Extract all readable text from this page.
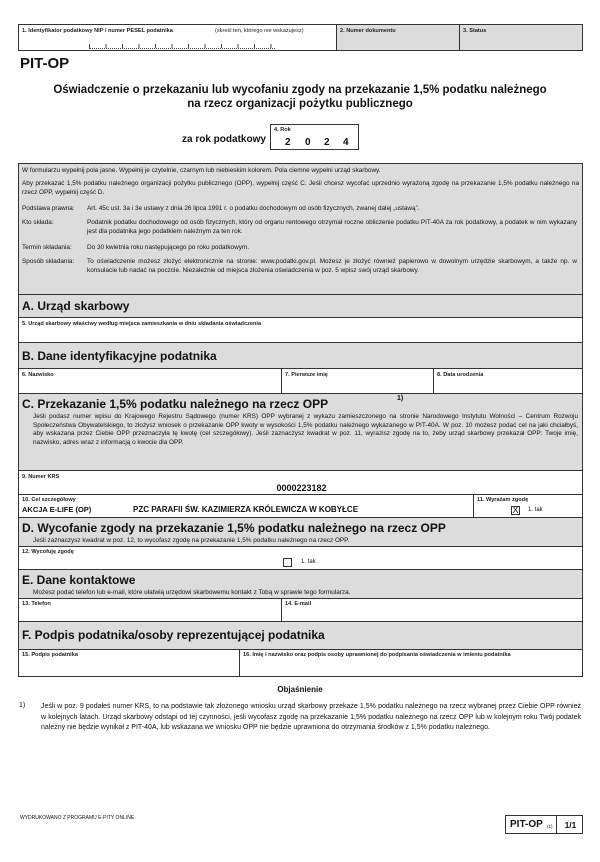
1. Identyfikator podatkowy NIP / numer PESEL podatnika	(skreśl ten, którego nie wskazujesz)	2. Numer dokumentu	3. Status
PIT-OP
Oświadczenie o przekazaniu lub wycofaniu zgody na przekazanie 1,5% podatku należnego
na rzecz organizacji pożytku publicznego
za rok podatkowy
4. Rok
2 0 2 4
W formularzu wypełnij pola jasne. Wypełnij je czytelnie, czarnym lub niebieskim kolorem. Pola ciemne wypełni urząd skarbowy.
Aby przekazać 1,5% podatku należnego organizacji pożytku publicznego (OPP), wypełnij część C. Jeśli chcesz wycofać uprzednio wyrażoną zgodę na przekazanie 1,5% podatku należnego na rzecz OPP, wypełnij część D.
Podstawa prawna: Art. 45c ust. 3a i 3e ustawy z dnia 26 lipca 1991 r. o podatku dochodowym od osób fizycznych, zwanej dalej „ustawą”.
Kto składa:	Podatnik podatku dochodowego od osób fizycznych, który od organu rentowego otrzymał roczne obliczenie podatku PIT-40A za rok podatkowy, a podatek w nim wykazany jest dla podatnika jego podatkiem należnym za ten rok.
Termin składania: Do 30 kwietnia roku następującego po roku podatkowym.
Sposób składania: To oświadczenie możesz złożyć elektronicznie na stronie: www.podatki.gov.pl. Możesz je złożyć również papierowo w dowolnym urzędzie skarbowym, a także np. w konsulacie lub nadać na poczcie. Niezależnie od miejsca złożenia oświadczenia w poz. 5 wpisz swój urząd skarbowy.
A. Urząd skarbowy
5. Urząd skarbowy właściwy według miejsca zamieszkania w dniu składania oświadczenia
B. Dane identyfikacyjne podatnika
6. Nazwisko	7. Pierwsze imię	8. Data urodzenia
C. Przekazanie 1,5% podatku należnego na rzecz OPP	1)
Jeśli podasz numer wpisu do Krajowego Rejestru Sądowego (numer KRS) OPP wybranej z wykazu zamieszczonego na stronie Narodowego Instytutu Wolności – Centrum Rozwoju Społeczeństwa Obywatelskiego, to złożysz wniosek o przekazanie OPP kwoty w wysokości 1,5% podatku należnego wykazanego w PIT-40A. W poz. 10 możesz podać cel na jaki chciałbyś, aby wskazana przez Ciebie OPP przeznaczyła tę kwotę (cel szczegółowy). Jeśli zaznaczysz kwadrat w poz. 11, wyrazisz zgodę na to, żeby urząd skarbowy przekazał OPP: Twoje imię, nazwisko, adres wraz z informacją o kwocie dla OPP.
9. Numer KRS
0000223182
10. Cel szczegółowy
AKCJA E-LIFE (OP)	PZC PARAFII ŚW. KAZIMIERZA KRÓLEWICZA W KOBYŁCE
11. Wyrażam zgodę
X 1. tak
D. Wycofanie zgody na przekazanie 1,5% podatku należnego na rzecz OPP
Jeśli zaznaczysz kwadrat w poz. 12, to wycofasz zgodę na przekazanie 1,5% podatku należnego na rzecz OPP.
12. Wycofuję zgodę
1. tak
E. Dane kontaktowe
Możesz podać telefon lub e-mail, które ułatwią urzędowi skarbowemu kontakt z Tobą w sprawie tego formularza.
13. Telefon	14. E-mail
F. Podpis podatnika/osoby reprezentującej podatnika
15. Podpis podatnika	16. Imię i nazwisko oraz podpis osoby uprawnionej do podpisania oświadczenia w imieniu podatnika
Objaśnienie
1) Jeśli w poz. 9 podałeś numer KRS, to na podstawie tak złożonego wniosku urząd skarbowy przekaże 1,5% podatku należnego na rzecz wybranej przez Ciebie OPP również w kolejnych latach. Urząd skarbowy odstąpi od tej czynności, jeśli wycofasz zgodę na przekazanie 1,5% podatku należnego na rzecz OPP lub w kolejnym roku Twój podatek należny nie będzie wynikał z PIT-40A, lub wskazana we wniosku OPP nie będzie uprawniona do otrzymania środków z 1,5% podatku należnego.
WYDRUKOWANO Z PROGRAMU E-PITY ONLINE
PIT-OP (1)	1/1
